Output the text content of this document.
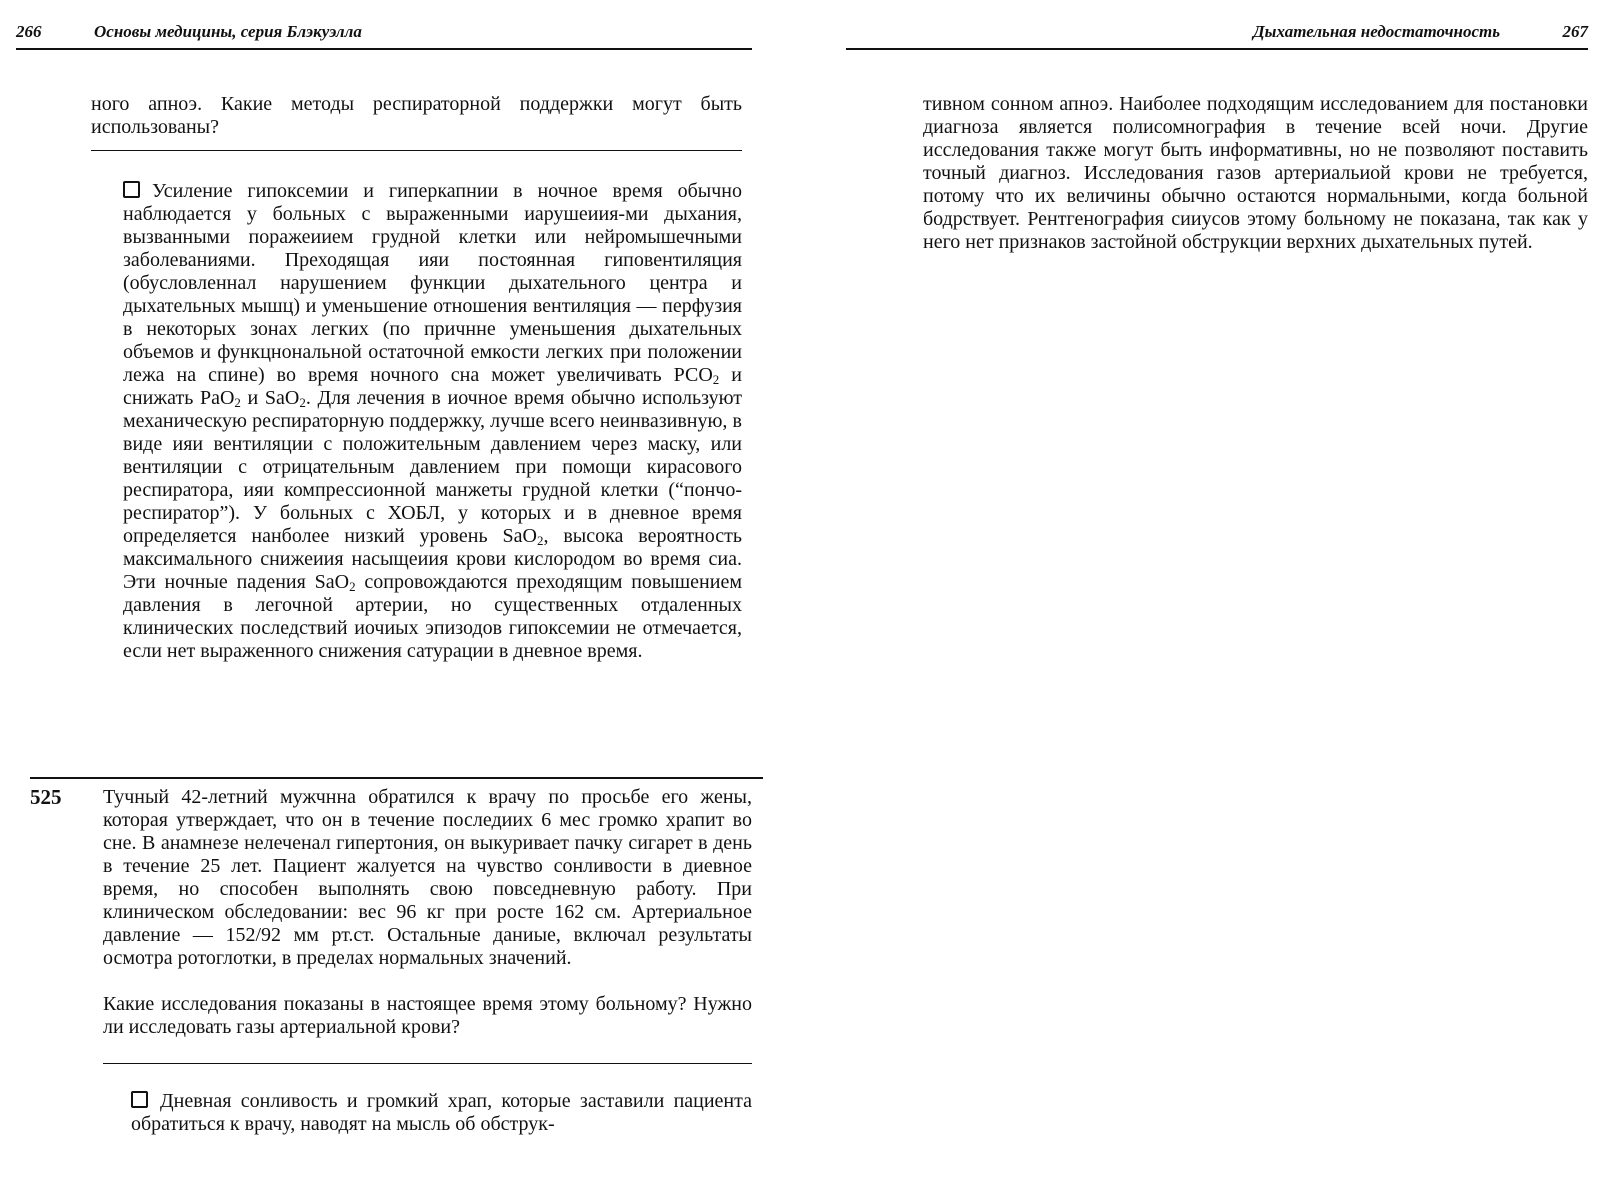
266	Основы медицины, серия Блэкуэлла

ного апноэ. Какие методы респираторной поддержки могут быть использованы?

Усиление гипоксемии и гиперкапнии в ночное время обычно наблюдается у больных с выраженными иарушеиия-ми дыхания, вызванными поражеиием грудной клетки или нейромышечными заболеваниями. Преходящая ияи постоянная гиповентиляция (обусловленнал нарушением функции дыхательного центра и дыхательных мышц) и уменьшение отношения вентиляция — перфузия в некоторых зонах легких (по причнне уменьшения дыхательных объемов и функцнональной остаточной емкости легких при положении лежа на спине) во время ночного сна может увеличивать $РСО_2$ и снижать РаО$_2$ и SaO$_2$. Для лечения в иочное время обычно используют механическую респираторную поддержку, лучше всего неинвазивную, в виде ияи вентиляции с положительным давлением через маску, или вентиляции с отрицательным давлением при помощи кирасового респиратора, ияи компрессионной манжеты грудной клетки (“пончо-респиратор”). У больных с ХОБЛ, у которых и в дневное время определяется нанболее низкий уровень SaO$_2$, высока вероятность максимального снижеиия насыщеиия крови кислородом во время сиа. Эти ночные падения SaO$_2$ сопровождаются преходящим повышением давления в легочной артерии, но существенных отдаленных клинических последствий иочиых эпизодов гипоксемии не отмечается, если нет выраженного снижения сатурации в дневное время.

525 Тучный 42-летний мужчнна обратился к врачу по просьбе его жены, которая утверждает, что он в течение последиих 6 мес громко храпит во сне. В анамнезе нелеченал гипертония, он выкуривает пачку сигарет в день в течение 25 лет. Пациент жалуется на чувство сонливости в диевное время, но способен выполнять свою повседневную работу. При клиническом обследовании: вес 96 кг при росте 162 см. Артериальное давление — 152/92 мм рт.ст. Остальные даниые, включал результаты осмотра ротоглотки, в пределах нормальных значений.

Какие исследования показаны в настоящее время этому больному? Нужно ли исследовать газы артериальной крови?

Дневная сонливость и громкий храп, которые заставили пациента обратиться к врачу, наводят на мысль об обструк-

Дыхательная недостаточность	267

тивном сонном апноэ. Наиболее подходящим исследованием для постановки диагноза является полисомнография в течение всей ночи. Другие исследования также могут быть информативны, но не позволяют поставить точный диагноз. Исследования газов артериальиой крови не требуется, потому что их величины обычно остаются нормальными, когда больной бодрствует. Рентгенография сииусов этому больному не показана, так как у него нет признаков застойной обструкции верхних дыхательных путей.
